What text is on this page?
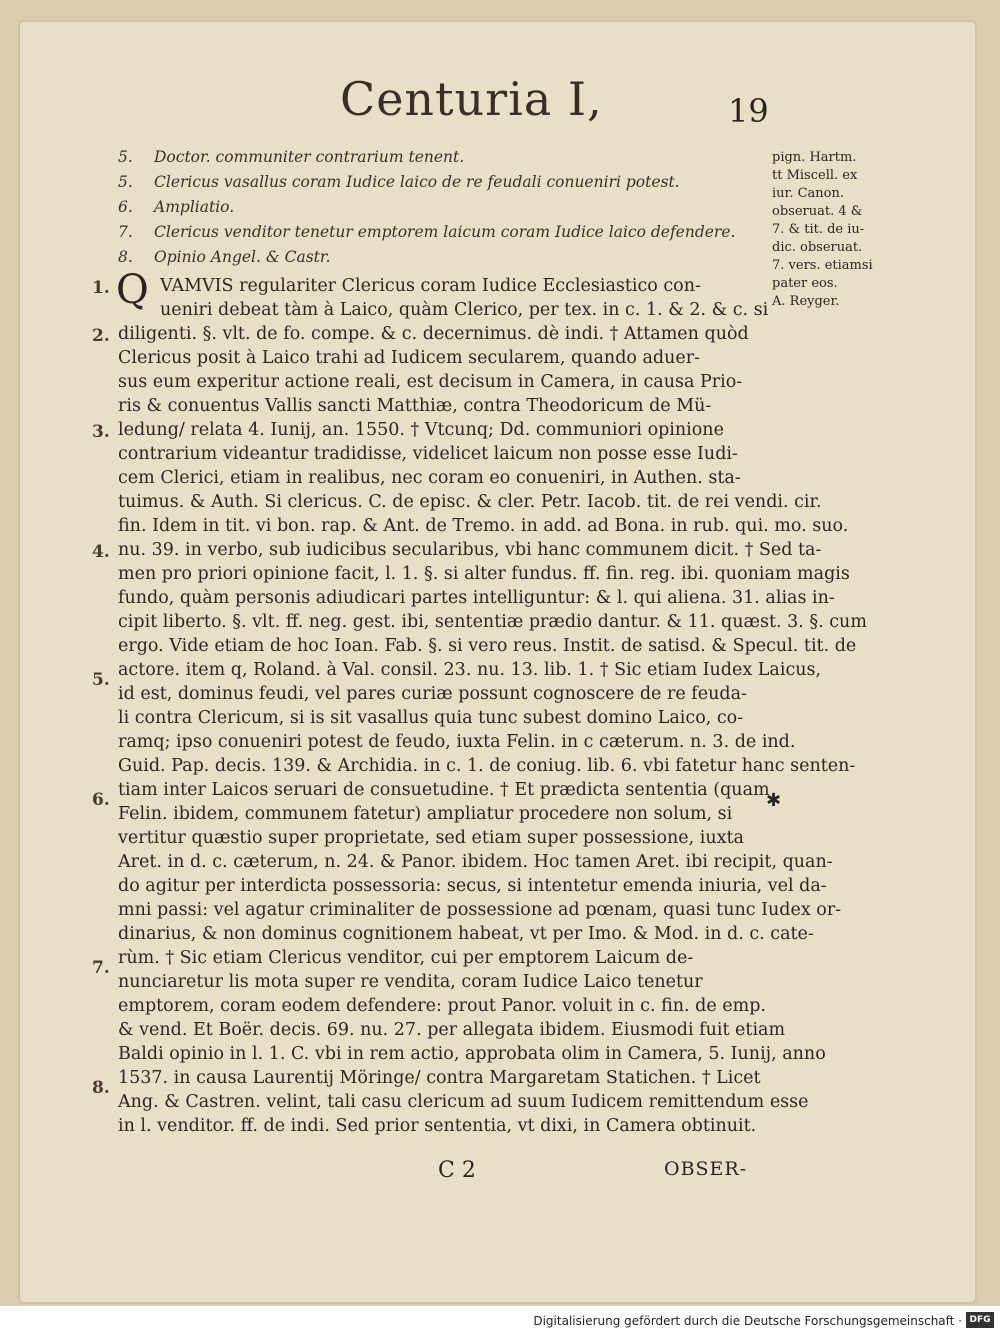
Centuria I,	19
5. Doctor. communiter contrarium tenent.
5. Clericus vasallus coram Iudice laico de re feudali conueniri potest.
6. Ampliatio.
7. Clericus venditor tenetur emptorem laicum coram Iudice laico defendere.
8. Opinio Angel. & Castr.
pign. Hartm.
tt Miscell. ex
iur. Canon.
obseruat. 4 &
7. & tit. de iu-
dic. obseruat.
7. vers. etiamsi
pater eos.
A. Reyger.
1.
2.
3.
4.
5.
6.
7.
8.
Q
✱
VAMVIS regulariter Clericus coram Iudice Ecclesiastico con-
ueniri debeat tàm à Laico, quàm Clerico, per tex. in c. 1. & 2. & c. si
diligenti. §. vlt. de fo. compe. & c. decernimus. dè indi. † Attamen quòd
Clericus posit à Laico trahi ad Iudicem secularem, quando aduer-
sus eum experitur actione reali, est decisum in Camera, in causa Prio-
ris & conuentus Vallis sancti Matthiæ, contra Theodoricum de Mü-
ledung/ relata 4. Iunij, an. 1550. † Vtcunq; Dd. communiori opinione
contrarium videantur tradidisse, videlicet laicum non posse esse Iudi-
cem Clerici, etiam in realibus, nec coram eo conueniri, in Authen. sta-
tuimus. & Auth. Si clericus. C. de episc. & cler. Petr. Iacob. tit. de rei vendi. cir.
fin. Idem in tit. vi bon. rap. & Ant. de Tremo. in add. ad Bona. in rub. qui. mo. suo.
nu. 39. in verbo, sub iudicibus secularibus, vbi hanc communem dicit. † Sed ta-
men pro priori opinione facit, l. 1. §. si alter fundus. ff. fin. reg. ibi. quoniam magis
fundo, quàm personis adiudicari partes intelliguntur: & l. qui aliena. 31. alias in-
cipit liberto. §. vlt. ff. neg. gest. ibi, sententiæ prædio dantur. & 11. quæst. 3. §. cum
ergo. Vide etiam de hoc Ioan. Fab. §. si vero reus. Instit. de satisd. & Specul. tit. de
actore. item q, Roland. à Val. consil. 23. nu. 13. lib. 1. † Sic etiam Iudex Laicus,
id est, dominus feudi, vel pares curiæ possunt cognoscere de re feuda-
li contra Clericum, si is sit vasallus quia tunc subest domino Laico, co-
ramq; ipso conueniri potest de feudo, iuxta Felin. in c cæterum. n. 3. de ind.
Guid. Pap. decis. 139. & Archidia. in c. 1. de coniug. lib. 6. vbi fatetur hanc senten-
tiam inter Laicos seruari de consuetudine. † Et prædicta sententia (quam
Felin. ibidem, communem fatetur) ampliatur procedere non solum, si
vertitur quæstio super proprietate, sed etiam super possessione, iuxta
Aret. in d. c. cæterum, n. 24. & Panor. ibidem. Hoc tamen Aret. ibi recipit, quan-
do agitur per interdicta possessoria: secus, si intentetur emenda iniuria, vel da-
mni passi: vel agatur criminaliter de possessione ad pœnam, quasi tunc Iudex or-
dinarius, & non dominus cognitionem habeat, vt per Imo. & Mod. in d. c. cate-
rùm. † Sic etiam Clericus venditor, cui per emptorem Laicum de-
nunciaretur lis mota super re vendita, coram Iudice Laico tenetur
emptorem, coram eodem defendere: prout Panor. voluit in c. fin. de emp.
& vend. Et Boër. decis. 69. nu. 27. per allegata ibidem. Eiusmodi fuit etiam
Baldi opinio in l. 1. C. vbi in rem actio, approbata olim in Camera, 5. Iunij, anno
1537. in causa Laurentij Möringe/ contra Margaretam Statichen. † Licet
Ang. & Castren. velint, tali casu clericum ad suum Iudicem remittendum esse
in l. venditor. ff. de indi. Sed prior sententia, vt dixi, in Camera obtinuit.
C 2	OBSER-
Digitalisierung gefördert durch die Deutsche Forschungsgemeinschaft · DFG
